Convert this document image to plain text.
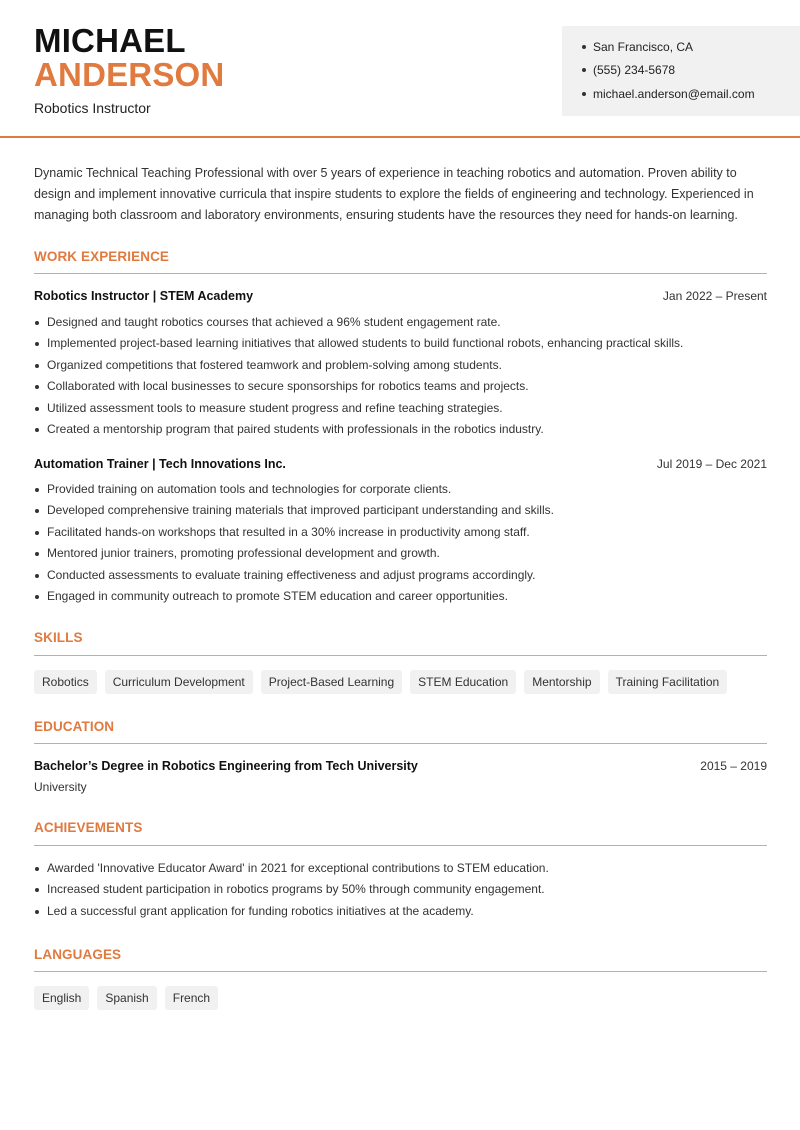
MICHAEL
ANDERSON
Robotics Instructor
San Francisco, CA
(555) 234-5678
michael.anderson@email.com

Dynamic Technical Teaching Professional with over 5 years of experience in teaching robotics and automation. Proven ability to design and implement innovative curricula that inspire students to explore the fields of engineering and technology. Experienced in managing both classroom and laboratory environments, ensuring students have the resources they need for hands-on learning.

WORK EXPERIENCE
Robotics Instructor | STEM Academy	Jan 2022 – Present
Designed and taught robotics courses that achieved a 96% student engagement rate.
Implemented project-based learning initiatives that allowed students to build functional robots, enhancing practical skills.
Organized competitions that fostered teamwork and problem-solving among students.
Collaborated with local businesses to secure sponsorships for robotics teams and projects.
Utilized assessment tools to measure student progress and refine teaching strategies.
Created a mentorship program that paired students with professionals in the robotics industry.
Automation Trainer | Tech Innovations Inc.	Jul 2019 – Dec 2021
Provided training on automation tools and technologies for corporate clients.
Developed comprehensive training materials that improved participant understanding and skills.
Facilitated hands-on workshops that resulted in a 30% increase in productivity among staff.
Mentored junior trainers, promoting professional development and growth.
Conducted assessments to evaluate training effectiveness and adjust programs accordingly.
Engaged in community outreach to promote STEM education and career opportunities.
SKILLS
Robotics	Curriculum Development	Project-Based Learning	STEM Education	Mentorship	Training Facilitation
EDUCATION
Bachelor’s Degree in Robotics Engineering from Tech University	2015 – 2019
University
ACHIEVEMENTS
Awarded 'Innovative Educator Award' in 2021 for exceptional contributions to STEM education.
Increased student participation in robotics programs by 50% through community engagement.
Led a successful grant application for funding robotics initiatives at the academy.
LANGUAGES
English	Spanish	French
